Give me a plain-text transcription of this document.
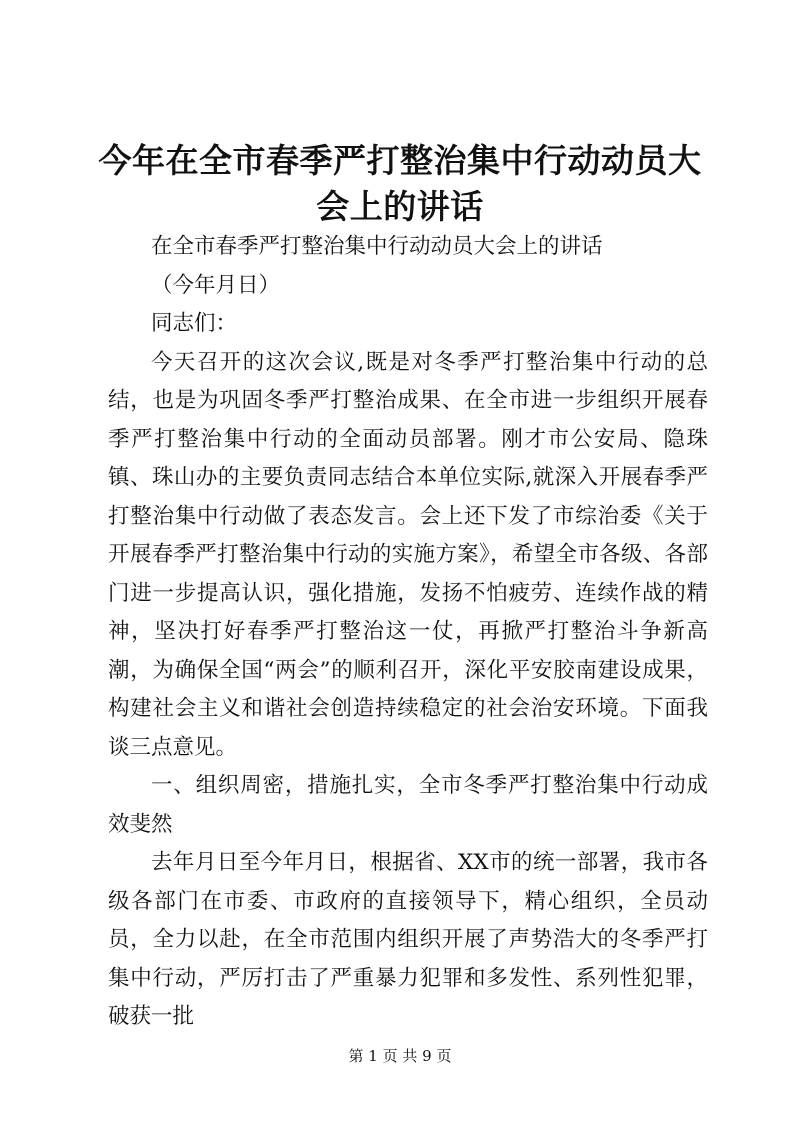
今年在全市春季严打整治集中行动动员大会上的讲话

在全市春季严打整治集中行动动员大会上的讲话

（今年月日）

同志们：

今天召开的这次会议,既是对冬季严打整治集中行动的总结，也是为巩固冬季严打整治成果、在全市进一步组织开展春季严打整治集中行动的全面动员部署。刚才市公安局、隐珠镇、珠山办的主要负责同志结合本单位实际,就深入开展春季严打整治集中行动做了表态发言。会上还下发了市综治委《关于开展春季严打整治集中行动的实施方案》，希望全市各级、各部门进一步提高认识，强化措施，发扬不怕疲劳、连续作战的精神，坚决打好春季严打整治这一仗，再掀严打整治斗争新高潮，为确保全国“两会”的顺利召开，深化平安胶南建设成果，构建社会主义和谐社会创造持续稳定的社会治安环境。下面我谈三点意见。

一、组织周密，措施扎实，全市冬季严打整治集中行动成效斐然

去年月日至今年月日，根据省、XX市的统一部署，我市各级各部门在市委、市政府的直接领导下，精心组织，全员动员，全力以赴，在全市范围内组织开展了声势浩大的冬季严打集中行动，严厉打击了严重暴力犯罪和多发性、系列性犯罪，破获一批

第 1 页 共 9 页
